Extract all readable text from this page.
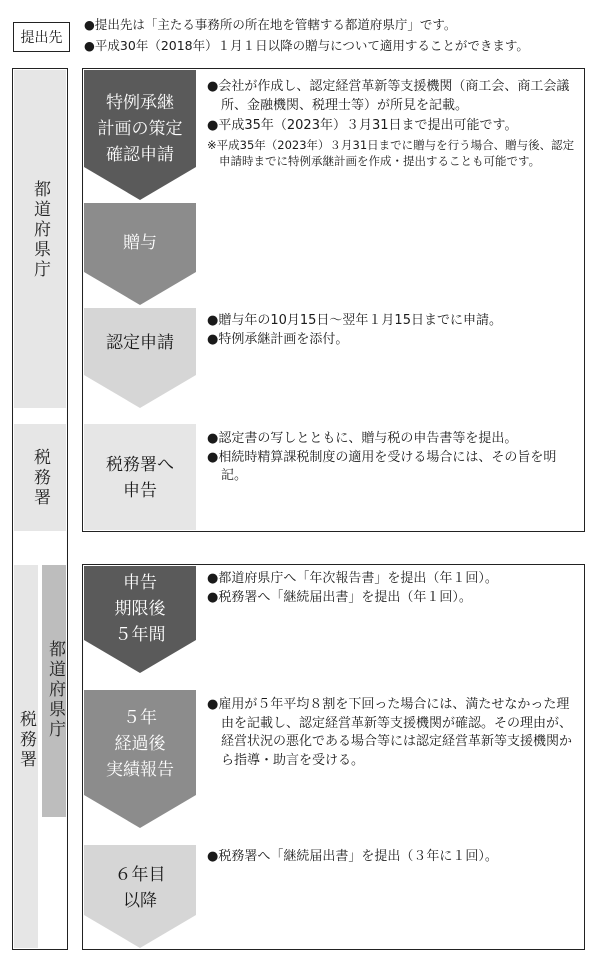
提出先
●提出先は「主たる事務所の所在地を管轄する都道府県庁」です。
●平成30年（2018年）１月１日以降の贈与について適用することができます。
都道府県庁
税務署
税務署 都道府県庁
特例承継
計画の策定
確認申請
贈与
認定申請
税務署へ
申告
申告
期限後
５年間
５年
経過後
実績報告
６年目
以降

●会社が作成し、認定経営革新等支援機関（商工会、商工会議所、金融機関、税理士等）が所見を記載。

●平成35年（2023年）３月31日まで提出可能です。

※平成35年（2023年）３月31日までに贈与を行う場合、贈与後、認定申請時までに特例承継計画を作成・提出することも可能です。

●贈与年の10月15日～翌年１月15日までに申請。

●特例承継計画を添付。

●認定書の写しとともに、贈与税の申告書等を提出。

●相続時精算課税制度の適用を受ける場合には、その旨を明記。

●都道府県庁へ「年次報告書」を提出（年１回）。

●税務署へ「継続届出書」を提出（年１回）。

●雇用が５年平均８割を下回った場合には、満たせなかった理由を記載し、認定経営革新等支援機関が確認。その理由が、経営状況の悪化である場合等には認定経営革新等支援機関から指導・助言を受ける。

●税務署へ「継続届出書」を提出（３年に１回）。
